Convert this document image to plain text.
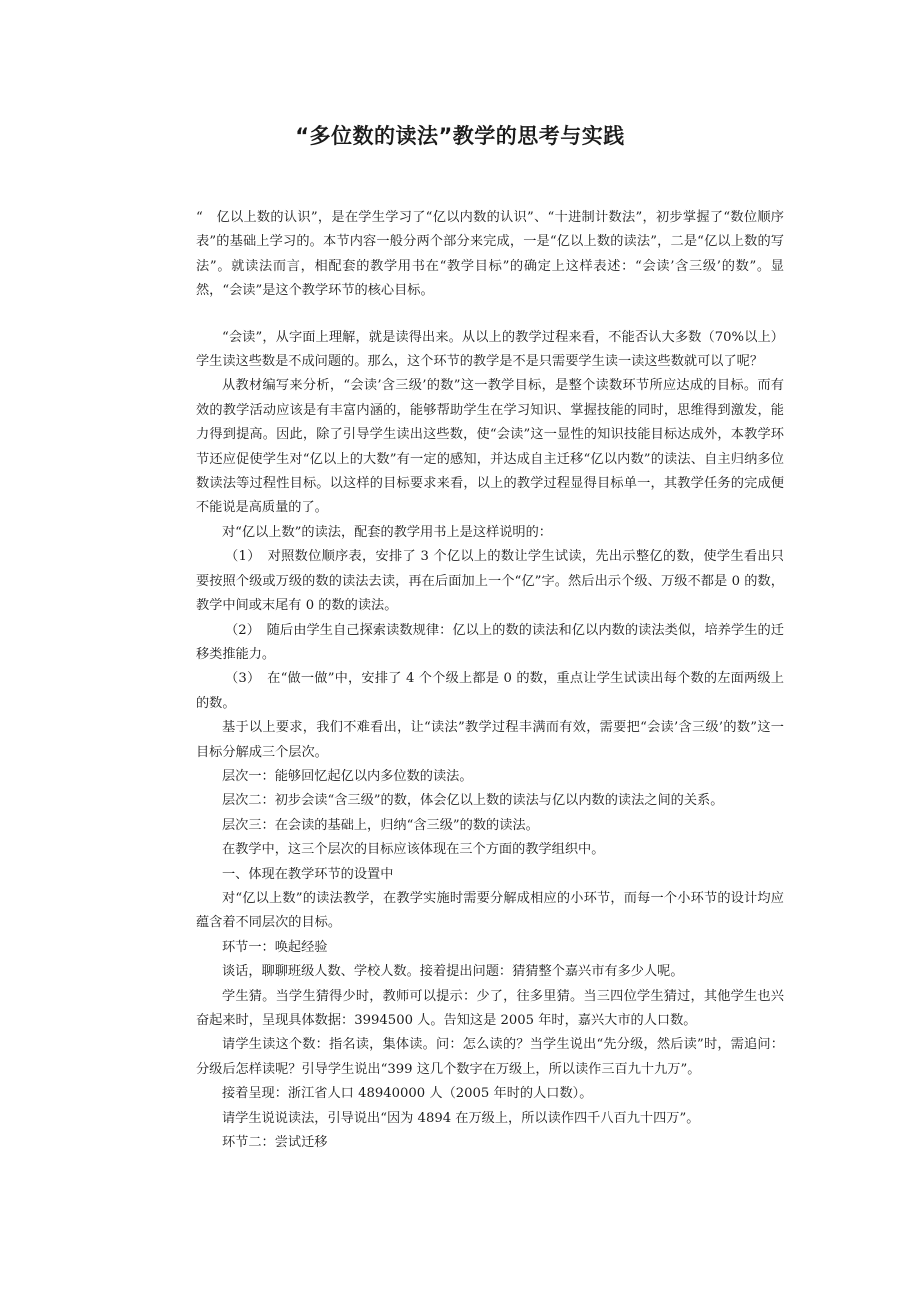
“多位数的读法”教学的思考与实践

“　亿以上数的认识”，是在学生学习了“亿以内数的认识”、“十进制计数法”，初步掌握了“数位顺序表”的基础上学习的。本节内容一般分两个部分来完成，一是“亿以上数的读法”，二是“亿以上数的写法”。就读法而言，相配套的教学用书在“教学目标”的确定上这样表述：“会读’含三级’的数”。显然，“会读”是这个教学环节的核心目标。

“会读”，从字面上理解，就是读得出来。从以上的教学过程来看，不能否认大多数（70%以上）学生读这些数是不成问题的。那么，这个环节的教学是不是只需要学生读一读这些数就可以了呢？

从教材编写来分析，“会读’含三级’的数”这一教学目标，是整个读数环节所应达成的目标。而有效的教学活动应该是有丰富内涵的，能够帮助学生在学习知识、掌握技能的同时，思维得到激发，能力得到提高。因此，除了引导学生读出这些数，使“会读”这一显性的知识技能目标达成外，本教学环节还应促使学生对“亿以上的大数”有一定的感知，并达成自主迁移“亿以内数”的读法、自主归纳多位数读法等过程性目标。以这样的目标要求来看，以上的教学过程显得目标单一，其教学任务的完成便不能说是高质量的了。

对“亿以上数”的读法，配套的教学用书上是这样说明的：

（1）　对照数位顺序表，安排了 3 个亿以上的数让学生试读，先出示整亿的数，使学生看出只要按照个级或万级的数的读法去读，再在后面加上一个“亿”字。然后出示个级、万级不都是 0 的数，教学中间或末尾有 0 的数的读法。

（2）　随后由学生自己探索读数规律：亿以上的数的读法和亿以内数的读法类似，培养学生的迁移类推能力。

（3）　在“做一做”中，安排了 4 个个级上都是 0 的数，重点让学生试读出每个数的左面两级上的数。

基于以上要求，我们不难看出，让“读法”教学过程丰满而有效，需要把“会读’含三级’的数”这一目标分解成三个层次。

层次一：能够回忆起亿以内多位数的读法。

层次二：初步会读“含三级”的数，体会亿以上数的读法与亿以内数的读法之间的关系。

层次三：在会读的基础上，归纳“含三级”的数的读法。

在教学中，这三个层次的目标应该体现在三个方面的教学组织中。

一、体现在教学环节的设置中

对“亿以上数”的读法教学，在教学实施时需要分解成相应的小环节，而每一个小环节的设计均应蕴含着不同层次的目标。

环节一：唤起经验

谈话，聊聊班级人数、学校人数。接着提出问题：猜猜整个嘉兴市有多少人呢。

学生猜。当学生猜得少时，教师可以提示：少了，往多里猜。当三四位学生猜过，其他学生也兴奋起来时，呈现具体数据：3994500 人。告知这是 2005 年时，嘉兴大市的人口数。

请学生读这个数：指名读，集体读。问：怎么读的？当学生说出“先分级，然后读”时，需追问：分级后怎样读呢？引导学生说出“399 这几个数字在万级上，所以读作三百九十九万”。

接着呈现：浙江省人口 48940000 人（2005 年时的人口数）。

请学生说说读法，引导说出“因为 4894 在万级上，所以读作四千八百九十四万”。

环节二：尝试迁移
